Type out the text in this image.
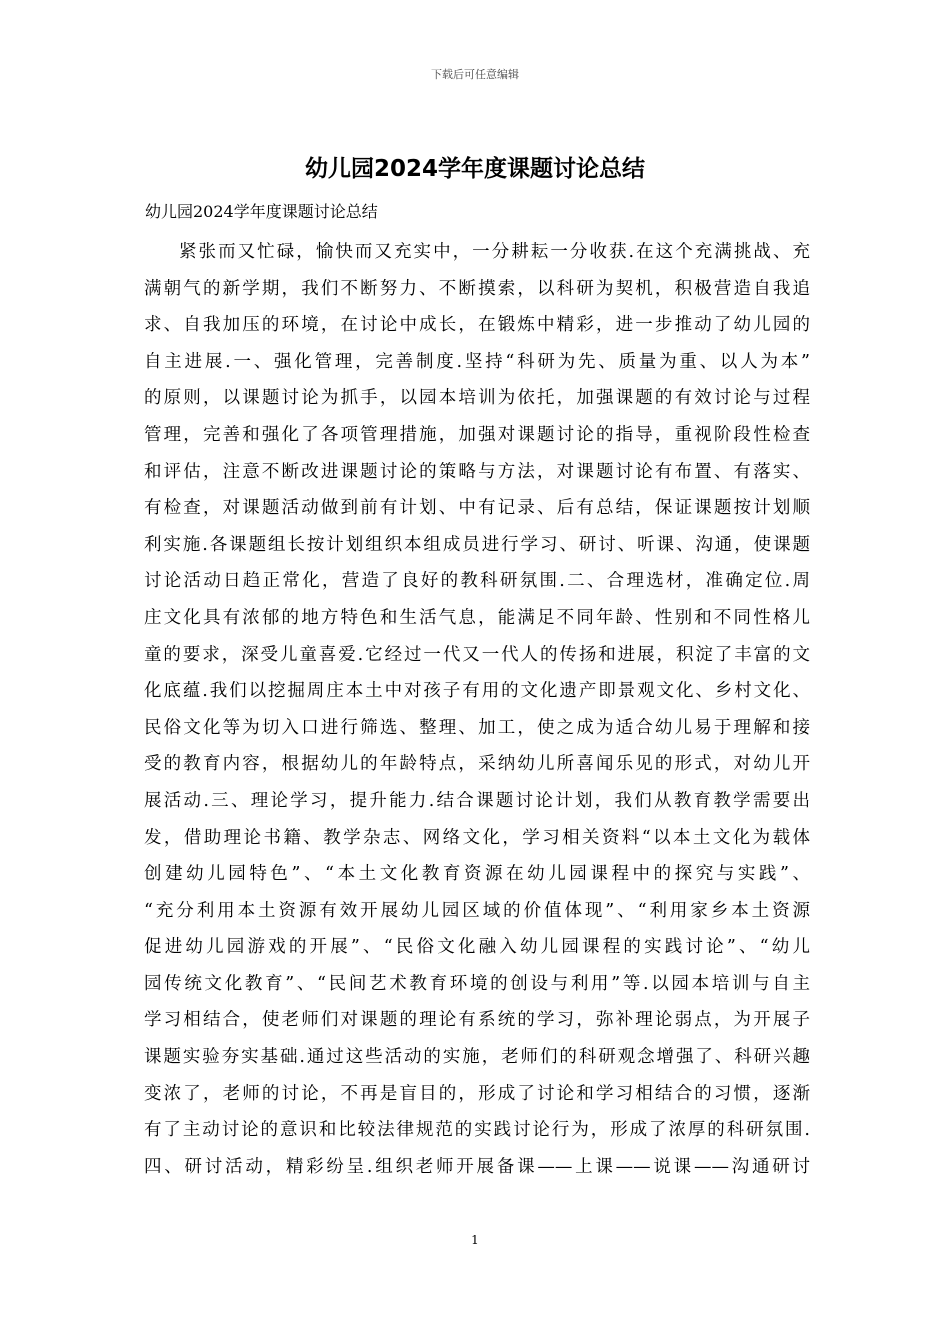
下载后可任意编辑
幼儿园2024学年度课题讨论总结
幼儿园2024学年度课题讨论总结
紧张而又忙碌，愉快而又充实中，一分耕耘一分收获.在这个充满挑战、充
满朝气的新学期，我们不断努力、不断摸索，以科研为契机，积极营造自我追
求、自我加压的环境，在讨论中成长，在锻炼中精彩，进一步推动了幼儿园的
自主进展.一、强化管理，完善制度.坚持“科研为先、质量为重、以人为本”
的原则，以课题讨论为抓手，以园本培训为依托，加强课题的有效讨论与过程
管理，完善和强化了各项管理措施，加强对课题讨论的指导，重视阶段性检查
和评估，注意不断改进课题讨论的策略与方法，对课题讨论有布置、有落实、
有检查，对课题活动做到前有计划、中有记录、后有总结，保证课题按计划顺
利实施.各课题组长按计划组织本组成员进行学习、研讨、听课、沟通，使课题
讨论活动日趋正常化，营造了良好的教科研氛围.二、合理选材，准确定位.周
庄文化具有浓郁的地方特色和生活气息，能满足不同年龄、性别和不同性格儿
童的要求，深受儿童喜爱.它经过一代又一代人的传扬和进展，积淀了丰富的文
化底蕴.我们以挖掘周庄本土中对孩子有用的文化遗产即景观文化、乡村文化、
民俗文化等为切入口进行筛选、整理、加工，使之成为适合幼儿易于理解和接
受的教育内容，根据幼儿的年龄特点，采纳幼儿所喜闻乐见的形式，对幼儿开
展活动.三、理论学习，提升能力.结合课题讨论计划，我们从教育教学需要出
发，借助理论书籍、教学杂志、网络文化，学习相关资料“以本土文化为载体
创建幼儿园特色”、“本土文化教育资源在幼儿园课程中的探究与实践”、
“充分利用本土资源有效开展幼儿园区域的价值体现”、“利用家乡本土资源
促进幼儿园游戏的开展”、“民俗文化融入幼儿园课程的实践讨论”、“幼儿
园传统文化教育”、“民间艺术教育环境的创设与利用”等.以园本培训与自主
学习相结合，使老师们对课题的理论有系统的学习，弥补理论弱点，为开展子
课题实验夯实基础.通过这些活动的实施，老师们的科研观念增强了、科研兴趣
变浓了，老师的讨论，不再是盲目的，形成了讨论和学习相结合的习惯，逐渐
有了主动讨论的意识和比较法律规范的实践讨论行为，形成了浓厚的科研氛围.
四、研讨活动，精彩纷呈.组织老师开展备课——上课——说课——沟通研讨
1
